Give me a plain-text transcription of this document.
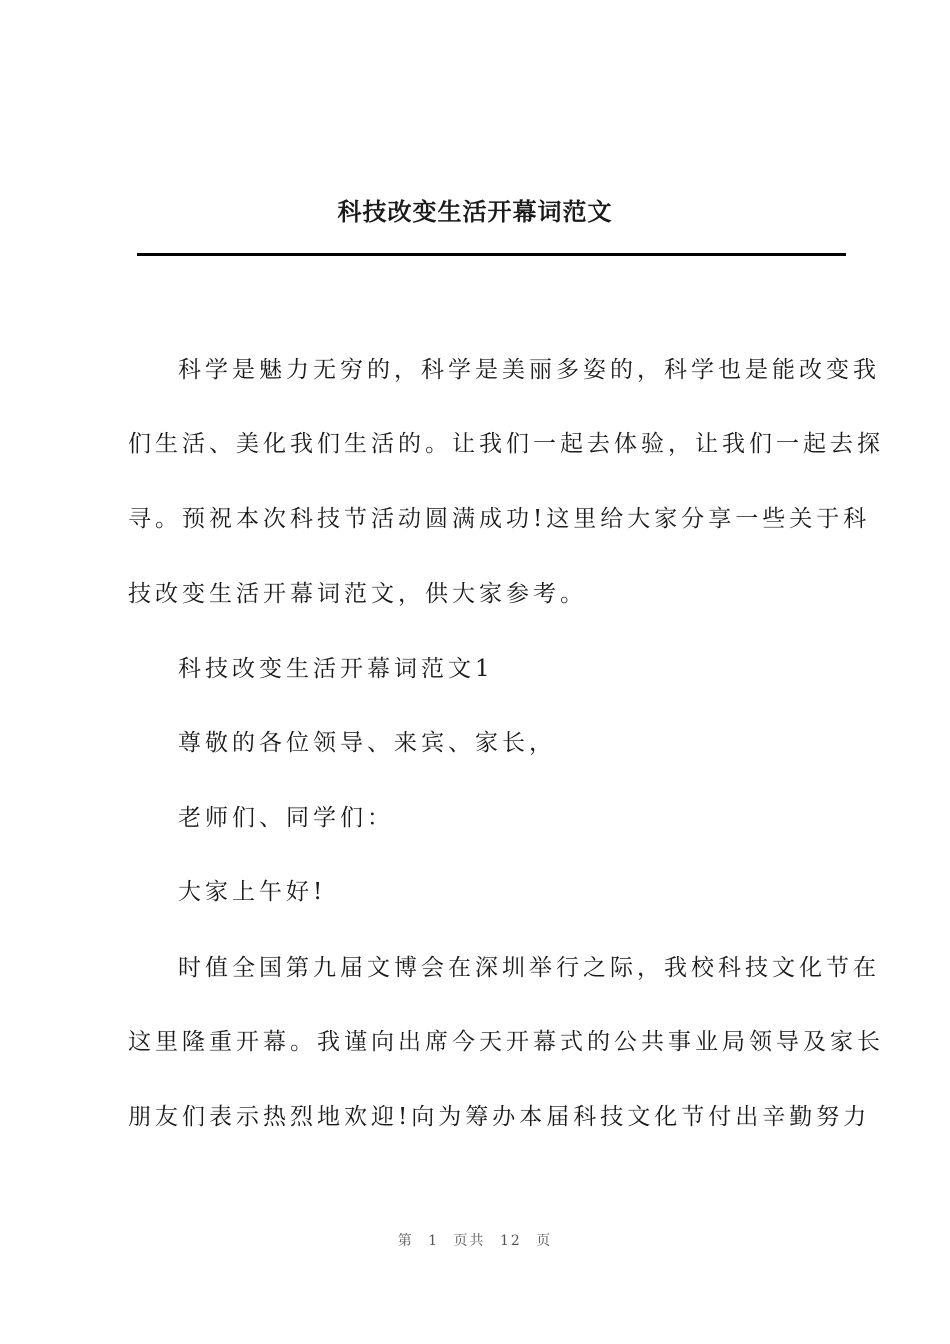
科技改变生活开幕词范文
科学是魅力无穷的，科学是美丽多姿的，科学也是能改变我
们生活、美化我们生活的。让我们一起去体验，让我们一起去探
寻。预祝本次科技节活动圆满成功!这里给大家分享一些关于科
技改变生活开幕词范文，供大家参考。
科技改变生活开幕词范文1
尊敬的各位领导、来宾、家长，
老师们、同学们：
大家上午好!
时值全国第九届文博会在深圳举行之际，我校科技文化节在
这里隆重开幕。我谨向出席今天开幕式的公共事业局领导及家长
朋友们表示热烈地欢迎!向为筹办本届科技文化节付出辛勤努力
第 1 页共 12 页
